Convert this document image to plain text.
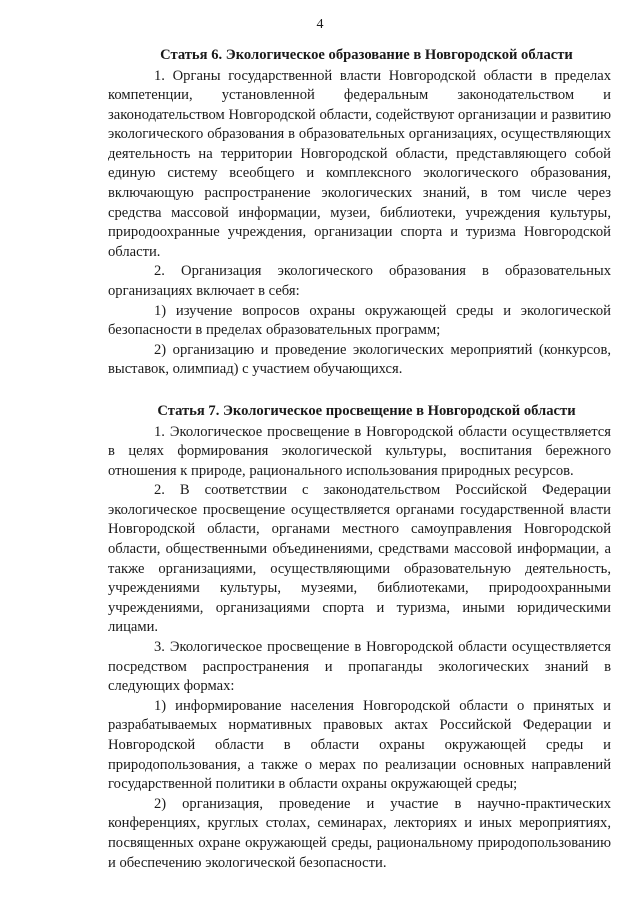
4
Статья 6. Экологическое образование в Новгородской области

1. Органы государственной власти Новгородской области в пределах компетенции, установленной федеральным законодательством и законодательством Новгородской области, содействуют организации и развитию экологического образования в образовательных организациях, осуществляющих деятельность на территории Новгородской области, представляющего собой единую систему всеобщего и комплексного экологического образования, включающую распространение экологических знаний, в том числе через средства массовой информации, музеи, библиотеки, учреждения культуры, природоохранные учреждения, организации спорта и туризма Новгородской области.

2. Организация экологического образования в образовательных организациях включает в себя:

1) изучение вопросов охраны окружающей среды и экологической безопасности в пределах образовательных программ;

2) организацию и проведение экологических мероприятий (конкурсов, выставок, олимпиад) с участием обучающихся.

Статья 7. Экологическое просвещение в Новгородской области

1. Экологическое просвещение в Новгородской области осуществляется в целях формирования экологической культуры, воспитания бережного отношения к природе, рационального использования природных ресурсов.

2. В соответствии с законодательством Российской Федерации экологическое просвещение осуществляется органами государственной власти Новгородской области, органами местного самоуправления Новгородской области, общественными объединениями, средствами массовой информации, а также организациями, осуществляющими образовательную деятельность, учреждениями культуры, музеями, библиотеками, природоохранными учреждениями, организациями спорта и туризма, иными юридическими лицами.

3. Экологическое просвещение в Новгородской области осуществляется посредством распространения и пропаганды экологических знаний в следующих формах:

1) информирование населения Новгородской области о принятых и разрабатываемых нормативных правовых актах Российской Федерации и Новгородской области в области охраны окружающей среды и природопользования, а также о мерах по реализации основных направлений государственной политики в области охраны окружающей среды;

2) организация, проведение и участие в научно-практических конференциях, круглых столах, семинарах, лекториях и иных мероприятиях, посвященных охране окружающей среды, рациональному природопользованию и обеспечению экологической безопасности.
